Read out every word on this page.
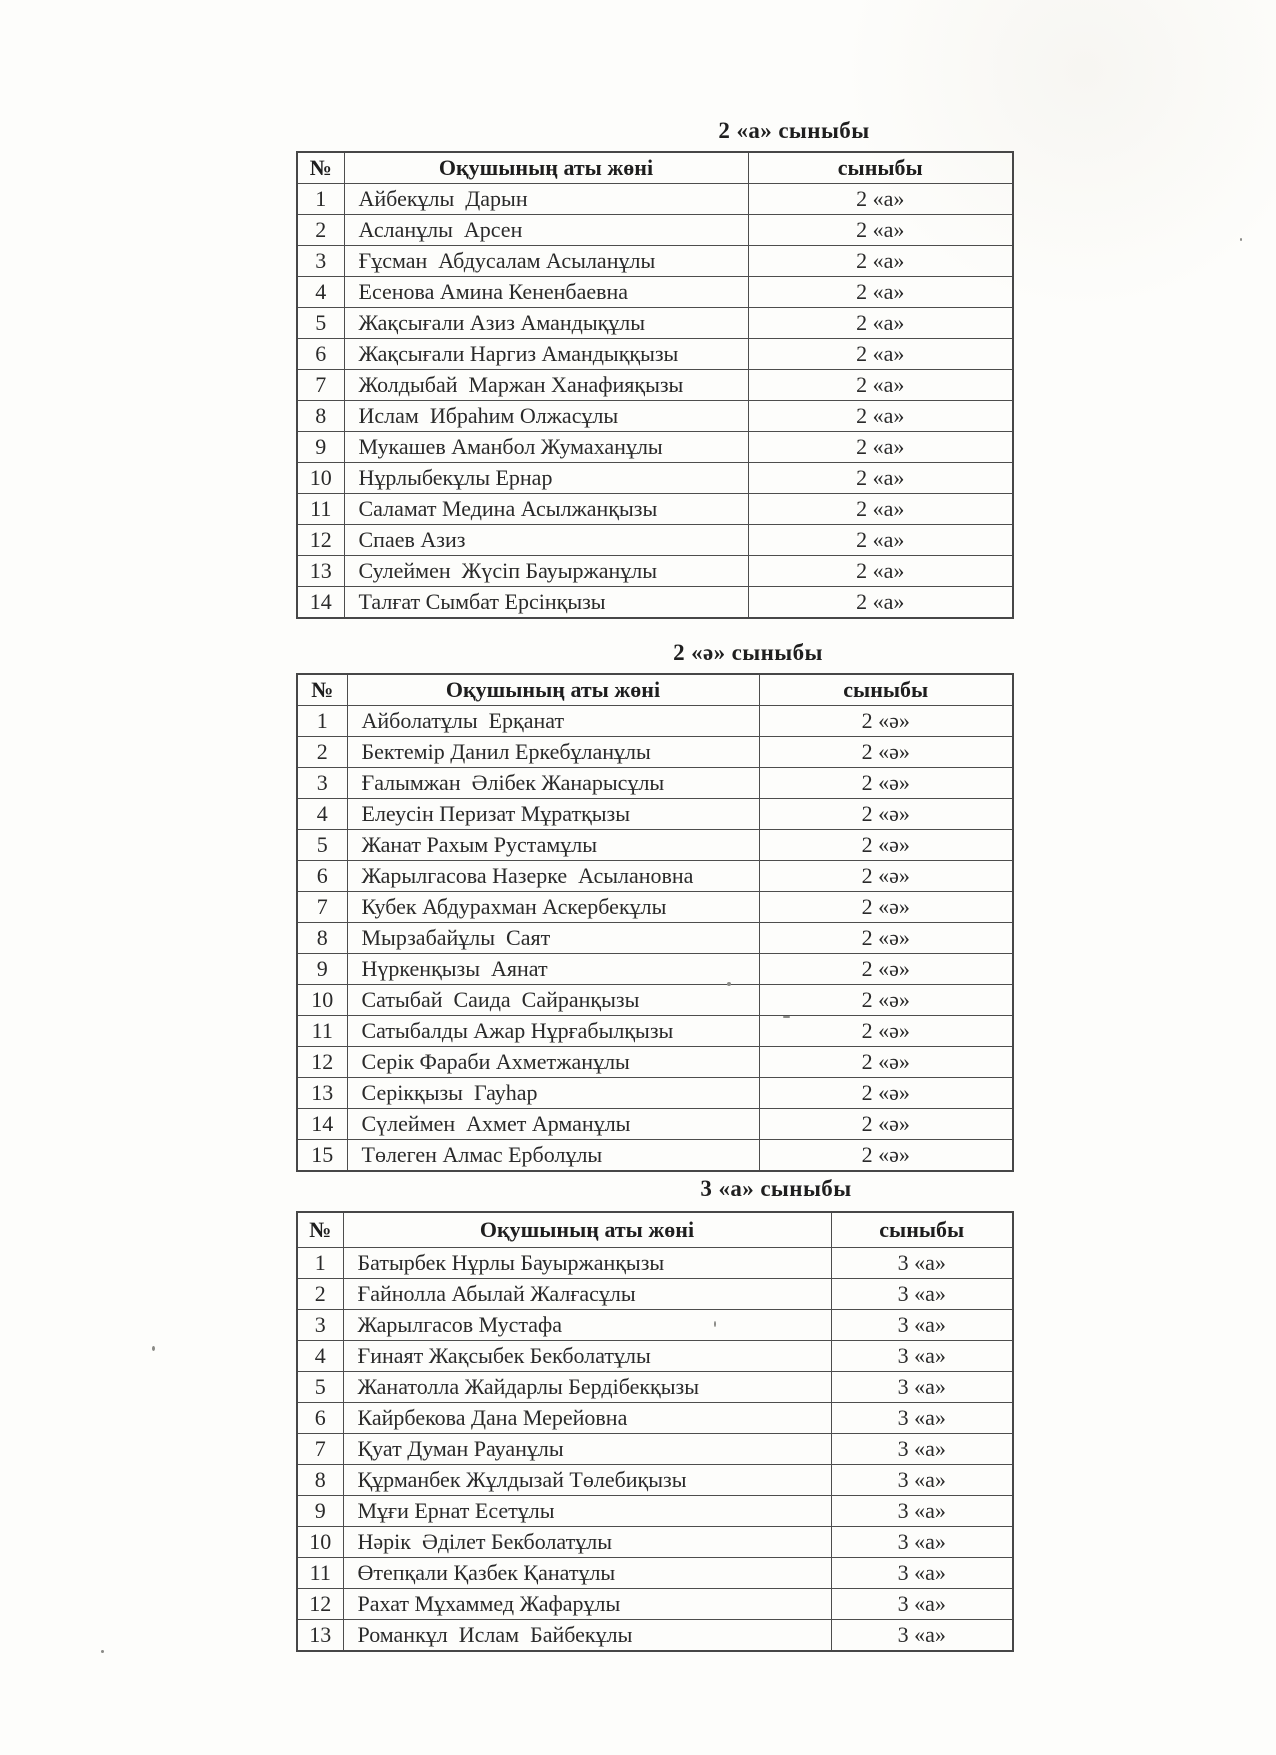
2 «а» сыныбы
№	Оқушының аты жөні	сыныбы
1	Айбекұлы  Дарын	2 «а»
2	Асланұлы  Арсен	2 «а»
3	Ғұсман  Абдусалам Асыланұлы	2 «а»
4	Есенова Амина Кененбаевна	2 «а»
5	Жақсығали Азиз Амандықұлы	2 «а»
6	Жақсығали Наргиз Амандыққызы	2 «а»
7	Жолдыбай  Маржан Ханафияқызы	2 «а»
8	Ислам  Ибраһим Олжасұлы	2 «а»
9	Мукашев Аманбол Жумаханұлы	2 «а»
10	Нұрлыбекұлы Ернар	2 «а»
11	Саламат Медина Асылжанқызы	2 «а»
12	Спаев Азиз	2 «а»
13	Сулеймен  Жүсіп Бауыржанұлы	2 «а»
14	Талғат Сымбат Ерсінқызы	2 «а»
2 «ә» сыныбы
№	Оқушының аты жөні	сыныбы
1	Айболатұлы  Ерқанат	2 «ә»
2	Бектемір Данил Еркебұланұлы	2 «ә»
3	Ғалымжан  Әлібек Жанарысұлы	2 «ә»
4	Елеусін Перизат Мұратқызы	2 «ә»
5	Жанат Рахым Рустамұлы	2 «ә»
6	Жарылгасова Назерке  Асылановна	2 «ә»
7	Кубек Абдурахман Аскербекұлы	2 «ә»
8	Мырзабайұлы  Саят	2 «ә»
9	Нүркенқызы  Аянат	2 «ә»
10	Сатыбай  Саида  Сайранқызы	2 «ә»
11	Сатыбалды Ажар Нұрғабылқызы	2 «ә»
12	Серік Фараби Ахметжанұлы	2 «ә»
13	Серікқызы  Гауһар	2 «ә»
14	Сүлеймен  Ахмет Арманұлы	2 «ә»
15	Төлеген Алмас Ерболұлы	2 «ә»
3 «а» сыныбы
№	Оқушының аты жөні	сыныбы
1	Батырбек Нұрлы Бауыржанқызы	3 «а»
2	Ғайнолла Абылай Жалғасұлы	3 «а»
3	Жарылгасов Мустафа	3 «а»
4	Ғинаят Жақсыбек Бекболатұлы	3 «а»
5	Жанатолла Жайдарлы Бердібекқызы	3 «а»
6	Кайрбекова Дана Мерейовна	3 «а»
7	Қуат Думан Рауанұлы	3 «а»
8	Құрманбек Жұлдызай Төлебиқызы	3 «а»
9	Мұғи Ернат Есетұлы	3 «а»
10	Нәрік  Әділет Бекболатұлы	3 «а»
11	Өтепқали Қазбек Қанатұлы	3 «а»
12	Рахат Мұхаммед Жафарұлы	3 «а»
13	Романкұл  Ислам  Байбекұлы	3 «а»
